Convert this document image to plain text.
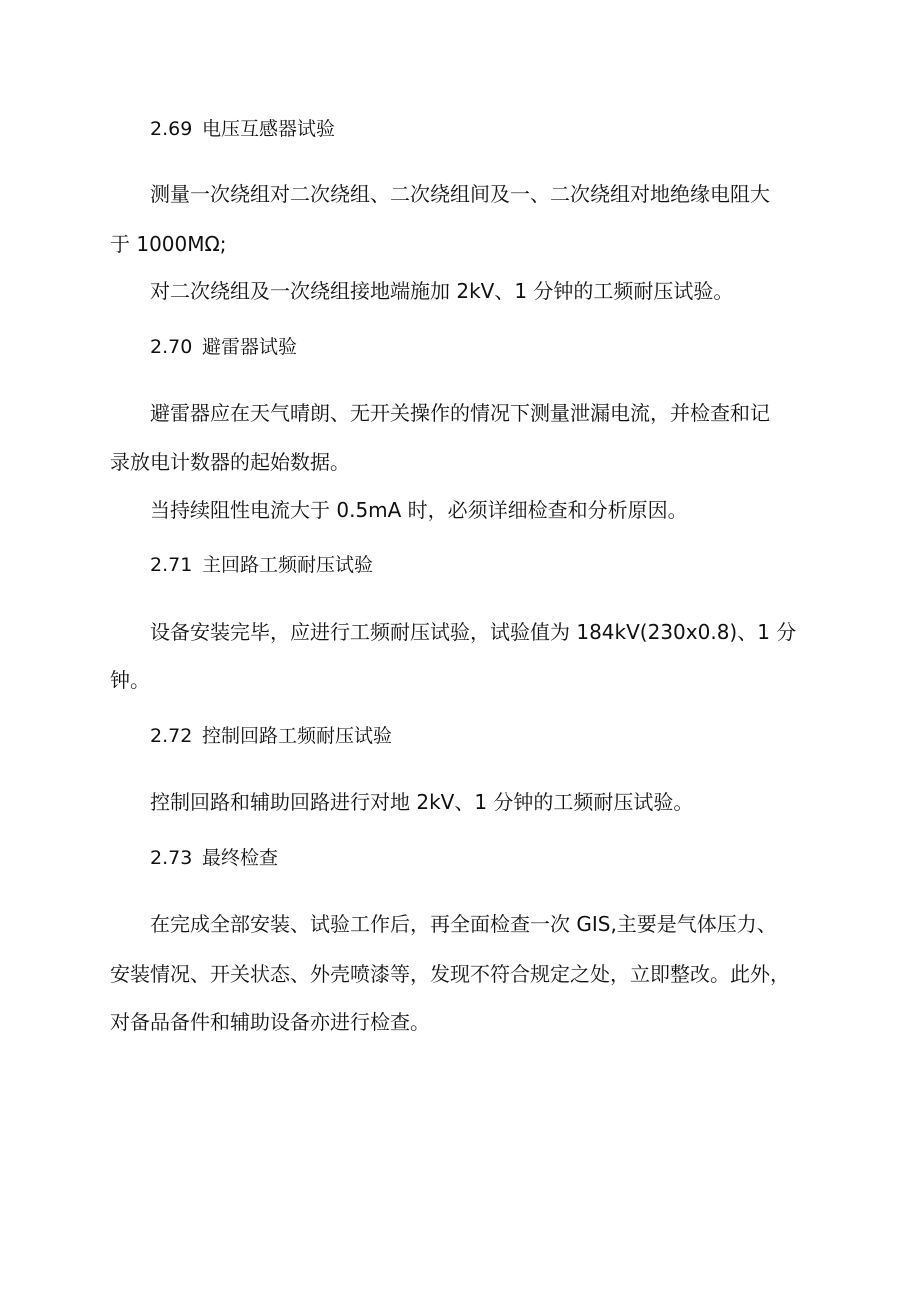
2.69 电压互感器试验
测量一次绕组对二次绕组、二次绕组间及一、二次绕组对地绝缘电阻大
于 1000MΩ;
对二次绕组及一次绕组接地端施加 2kV、1 分钟的工频耐压试验。
2.70 避雷器试验
避雷器应在天气晴朗、无开关操作的情况下测量泄漏电流，并检查和记
录放电计数器的起始数据。
当持续阻性电流大于 0.5mA 时，必须详细检查和分析原因。
2.71 主回路工频耐压试验
设备安装完毕，应进行工频耐压试验，试验值为 184kV(230x0.8)、1 分
钟。
2.72 控制回路工频耐压试验
控制回路和辅助回路进行对地 2kV、1 分钟的工频耐压试验。
2.73 最终检查
在完成全部安装、试验工作后，再全面检查一次 GIS,主要是气体压力、
安装情况、开关状态、外壳喷漆等，发现不符合规定之处，立即整改。此外，
对备品备件和辅助设备亦进行检查。
